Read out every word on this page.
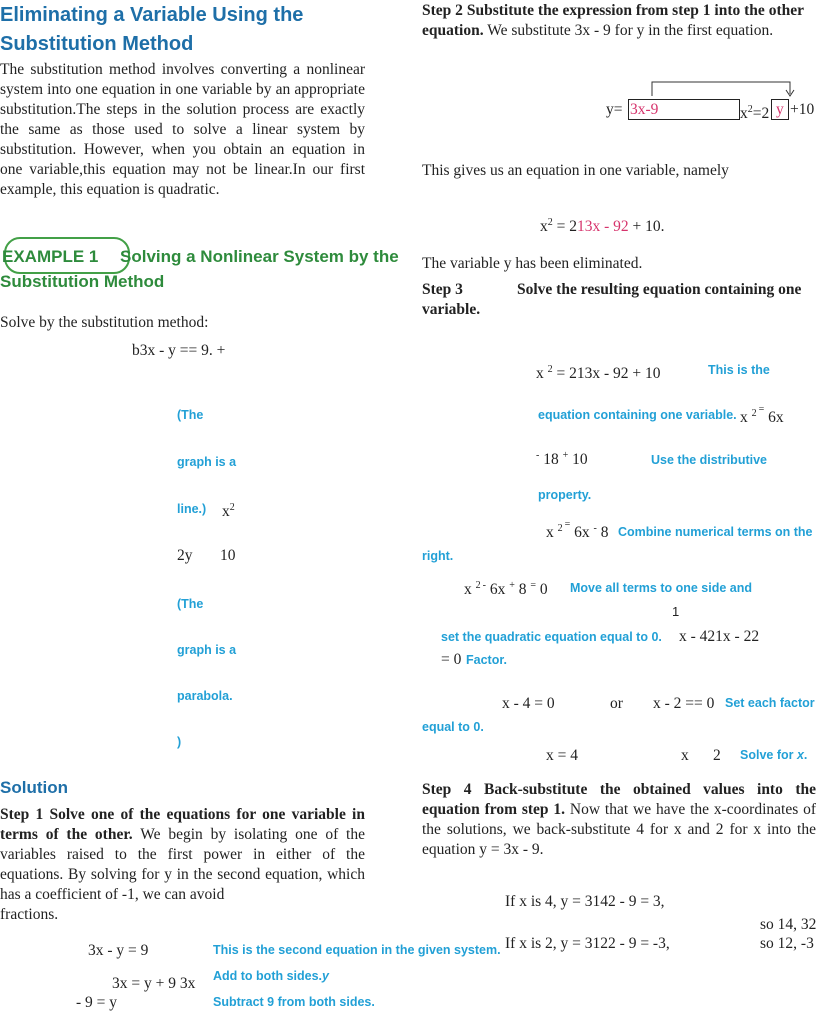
Eliminating a Variable Using the
Substitution Method
The substitution method involves converting a nonlinear system into one equation in one variable by an appropriate substitution.The steps in the solution process are exactly the same as those used to solve a linear system by substitution. However, when you obtain an equation in one variable,this equation may not be linear.In our first example, this equation is quadratic.
EXAMPLE 1 Solving a Nonlinear System by the
Substitution Method
Solve by the substitution method:
b3x - y == 9. +
(The
graph is a
line.) $x^2$
2y 10
(The
graph is a
parabola.
)
Solution
Step 1 Solve one of the equations for one variable in terms of the other. We begin by isolating one of the variables raised to the first power in either of the equations. By solving for y in the second equation, which has a coefficient of -1, we can avoid
fractions.
3x - y = 9	This is the second equation in the given system.
3x = y + 9 3x Add to both sides.y
- 9 = y	Subtract 9 from both sides.
Step 2 Substitute the expression from step 1 into the other equation. We substitute 3x - 9 for y in the first equation.
y= 3x-9	$x^2=2$ y +10
This gives us an equation in one variable, namely
$x^2 = 213x - 92 + 10$.
The variable y has been eliminated.
Step 3	Solve the resulting equation containing one
variable.
x $^2$ = 213x - 92 + 10	This is the
equation containing one variable. x $^2$ = 6x
- 18 + 10	Use the distributive
property.
x $^2$ = 6x - 8 Combine numerical terms on the
right.
x $^2$ - 6x + 8 = 0 Move all terms to one side and
1
set the quadratic equation equal to 0. x - 421x - 22
= 0 Factor.
x - 4 = 0	or x - 2 == 0 Set each factor
equal to 0.
x = 4	x 2 Solve for x.
Step 4 Back-substitute the obtained values into the equation from step 1. Now that we have the x-coordinates of the solutions, we back-substitute 4 for x and 2 for x into the equation y = 3x - 9.
If x is 4, y = 3142 - 9 = 3,
so 14, 32
If x is 2, y = 3122 - 9 = -3,	so 12, -3
